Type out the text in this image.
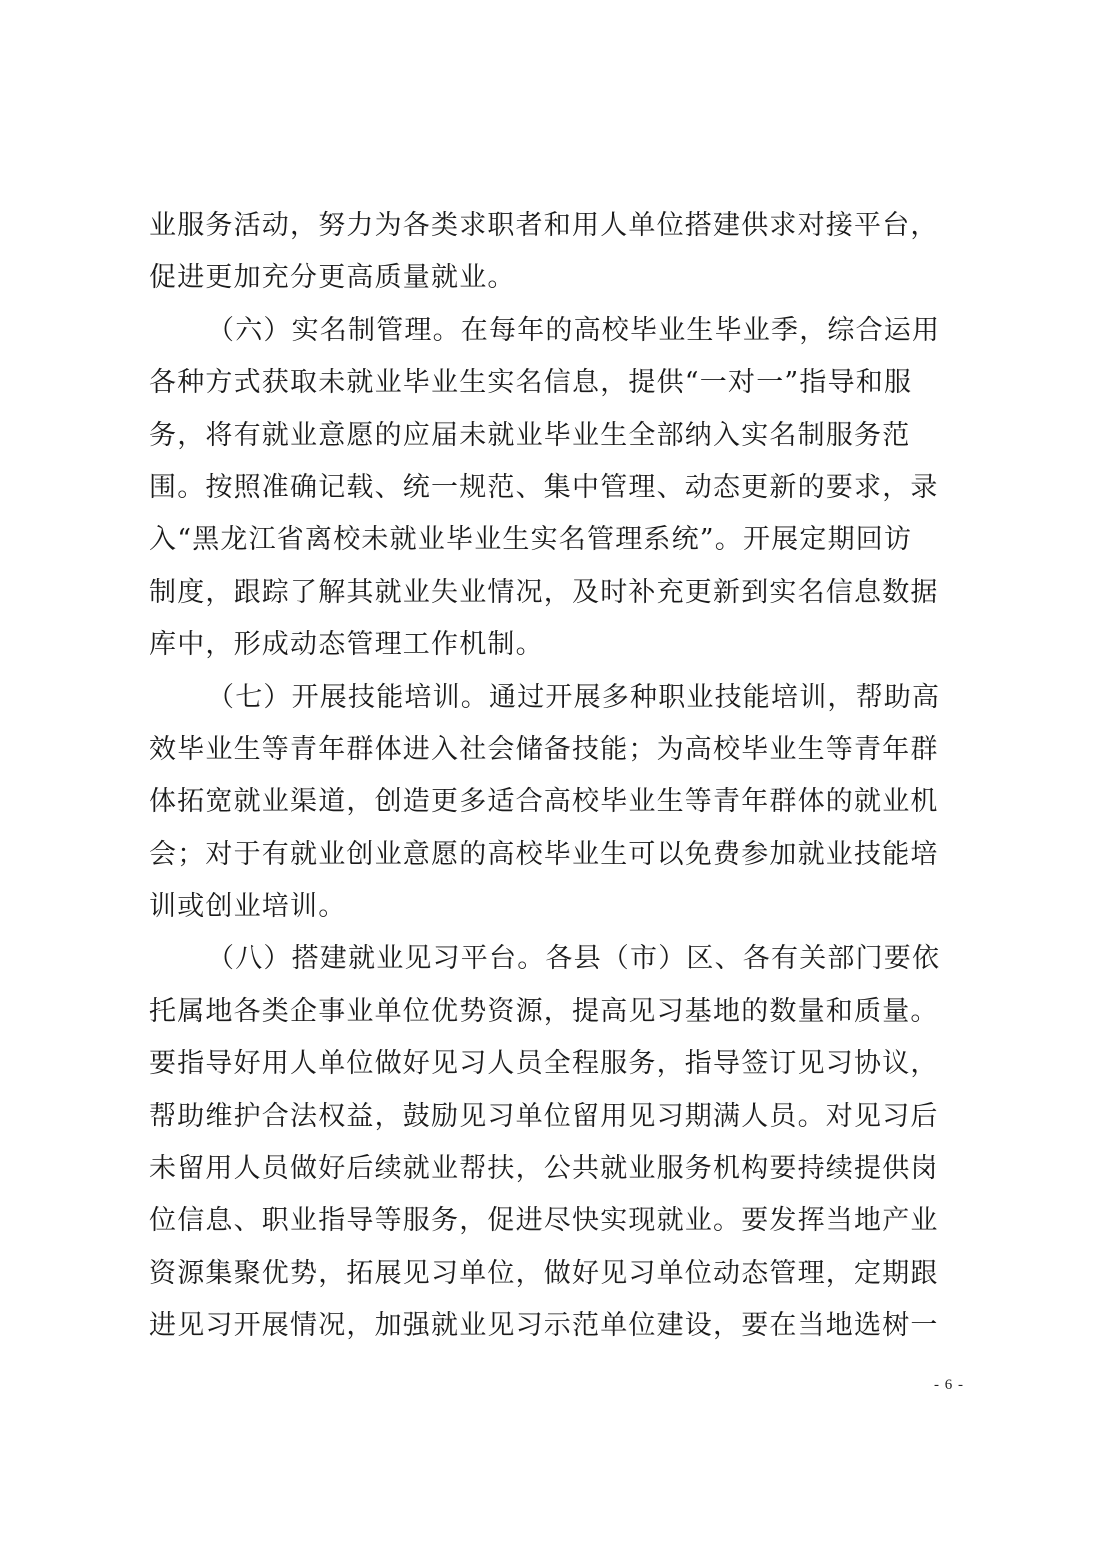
业服务活动，努力为各类求职者和用人单位搭建供求对接平台，
促进更加充分更高质量就业。
（六）实名制管理。在每年的高校毕业生毕业季，综合运用
各种方式获取未就业毕业生实名信息，提供“一对一”指导和服
务，将有就业意愿的应届未就业毕业生全部纳入实名制服务范
围。按照准确记载、统一规范、集中管理、动态更新的要求，录
入“黑龙江省离校未就业毕业生实名管理系统”。开展定期回访
制度，跟踪了解其就业失业情况，及时补充更新到实名信息数据
库中，形成动态管理工作机制。
（七）开展技能培训。通过开展多种职业技能培训，帮助高
效毕业生等青年群体进入社会储备技能；为高校毕业生等青年群
体拓宽就业渠道，创造更多适合高校毕业生等青年群体的就业机
会；对于有就业创业意愿的高校毕业生可以免费参加就业技能培
训或创业培训。
（八）搭建就业见习平台。各县（市）区、各有关部门要依
托属地各类企事业单位优势资源，提高见习基地的数量和质量。
要指导好用人单位做好见习人员全程服务，指导签订见习协议，
帮助维护合法权益，鼓励见习单位留用见习期满人员。对见习后
未留用人员做好后续就业帮扶，公共就业服务机构要持续提供岗
位信息、职业指导等服务，促进尽快实现就业。要发挥当地产业
资源集聚优势，拓展见习单位，做好见习单位动态管理，定期跟
进见习开展情况，加强就业见习示范单位建设，要在当地选树一
- 6 -
